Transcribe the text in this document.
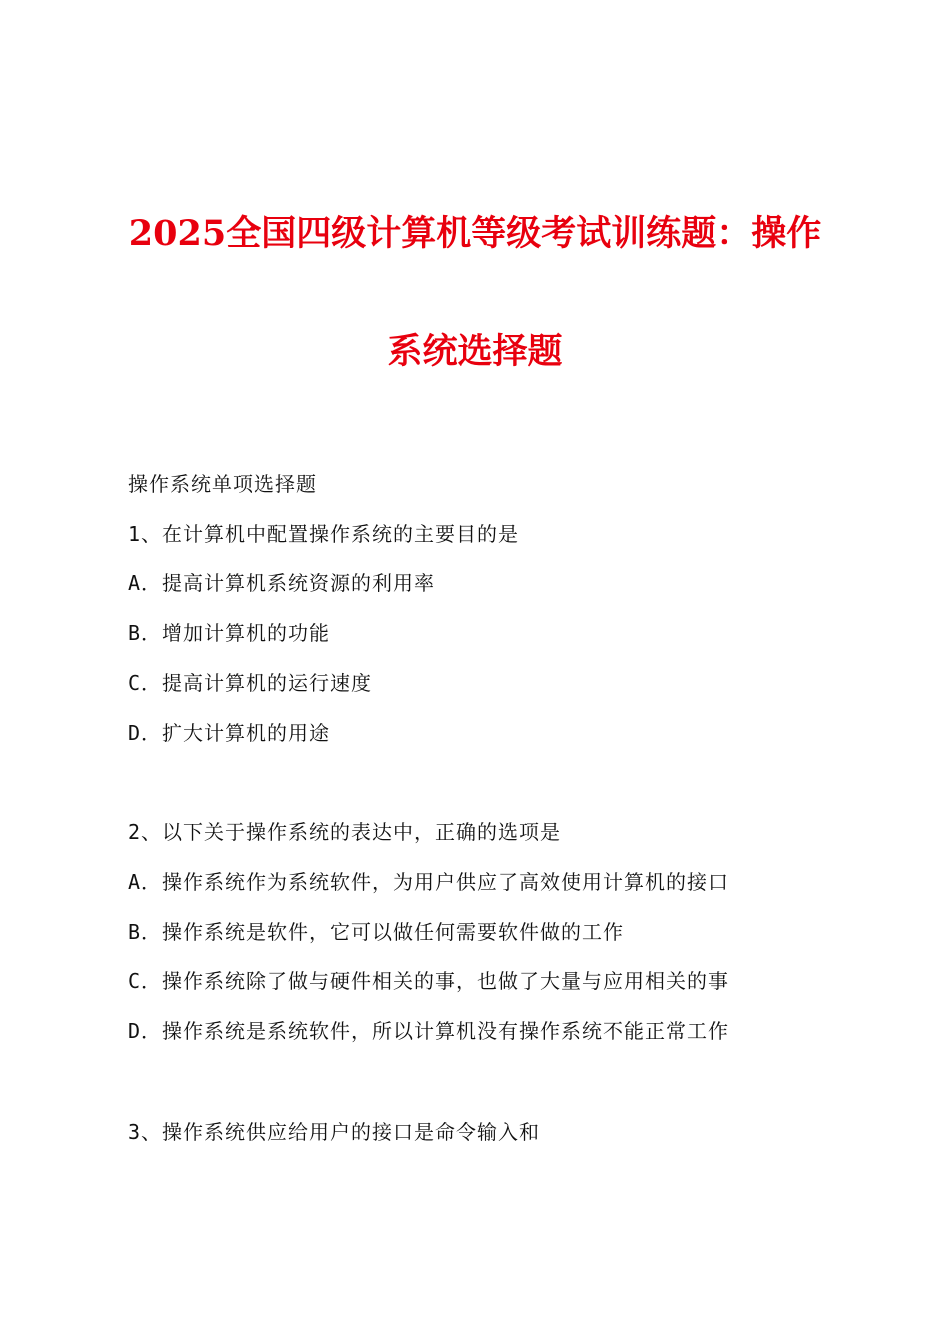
2025全国四级计算机等级考试训练题：操作
系统选择题
操作系统单项选择题
1、在计算机中配置操作系统的主要目的是
A．提高计算机系统资源的利用率
B．增加计算机的功能
C．提高计算机的运行速度
D．扩大计算机的用途
2、以下关于操作系统的表达中，正确的选项是
A．操作系统作为系统软件，为用户供应了高效使用计算机的接口
B．操作系统是软件，它可以做任何需要软件做的工作
C．操作系统除了做与硬件相关的事，也做了大量与应用相关的事
D．操作系统是系统软件，所以计算机没有操作系统不能正常工作
3、操作系统供应给用户的接口是命令输入和
